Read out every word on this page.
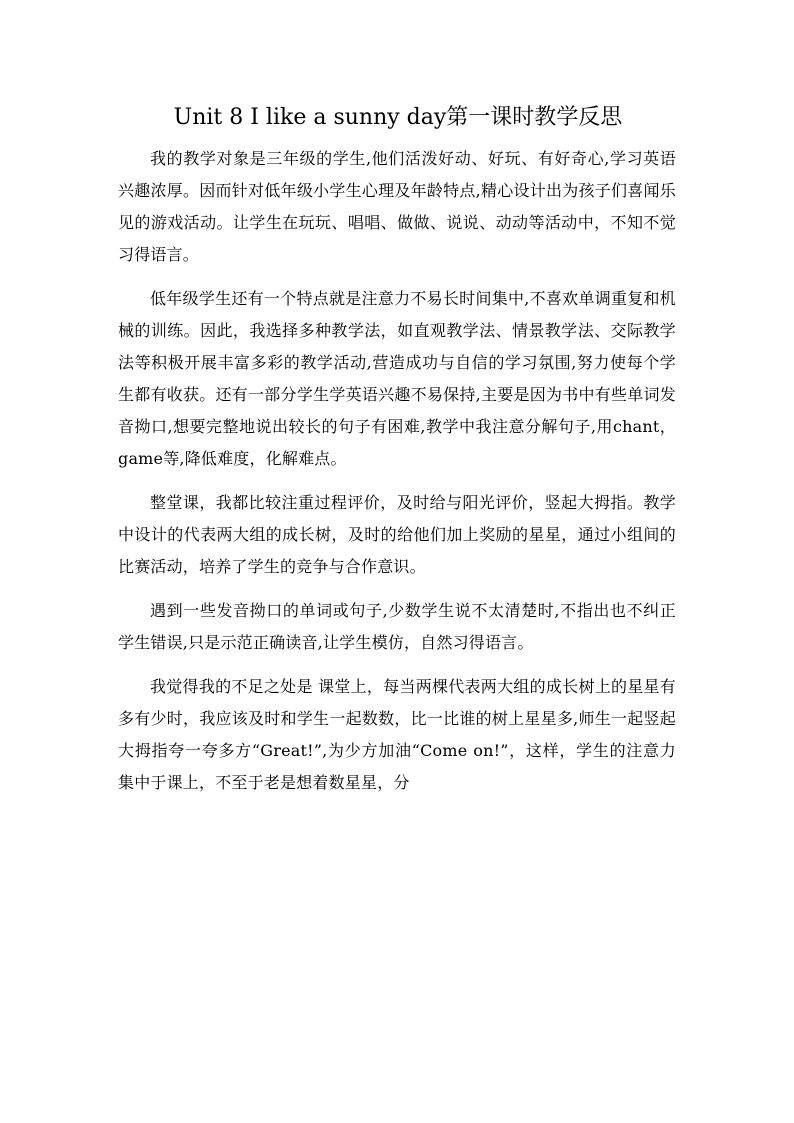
Unit 8 I like a sunny day第一课时教学反思

我的教学对象是三年级的学生,他们活泼好动、好玩、有好奇心,学习英语兴趣浓厚。因而针对低年级小学生心理及年龄特点,精心设计出为孩子们喜闻乐见的游戏活动。让学生在玩玩、唱唱、做做、说说、动动等活动中，不知不觉习得语言。

低年级学生还有一个特点就是注意力不易长时间集中,不喜欢单调重复和机械的训练。因此，我选择多种教学法，如直观教学法、情景教学法、交际教学法等积极开展丰富多彩的教学活动,营造成功与自信的学习氛围,努力使每个学生都有收获。还有一部分学生学英语兴趣不易保持,主要是因为书中有些单词发音拗口,想要完整地说出较长的句子有困难,教学中我注意分解句子,用chant，game等,降低难度，化解难点。

整堂课，我都比较注重过程评价，及时给与阳光评价，竖起大拇指。教学中设计的代表两大组的成长树，及时的给他们加上奖励的星星，通过小组间的比赛活动，培养了学生的竞争与合作意识。

遇到一些发音拗口的单词或句子,少数学生说不太清楚时,不指出也不纠正学生错误,只是示范正确读音,让学生模仿，自然习得语言。

我觉得我的不足之处是 课堂上，每当两棵代表两大组的成长树上的星星有多有少时，我应该及时和学生一起数数，比一比谁的树上星星多,师生一起竖起大拇指夸一夸多方“Great!”,为少方加油“Come on!”，这样，学生的注意力集中于课上，不至于老是想着数星星，分
